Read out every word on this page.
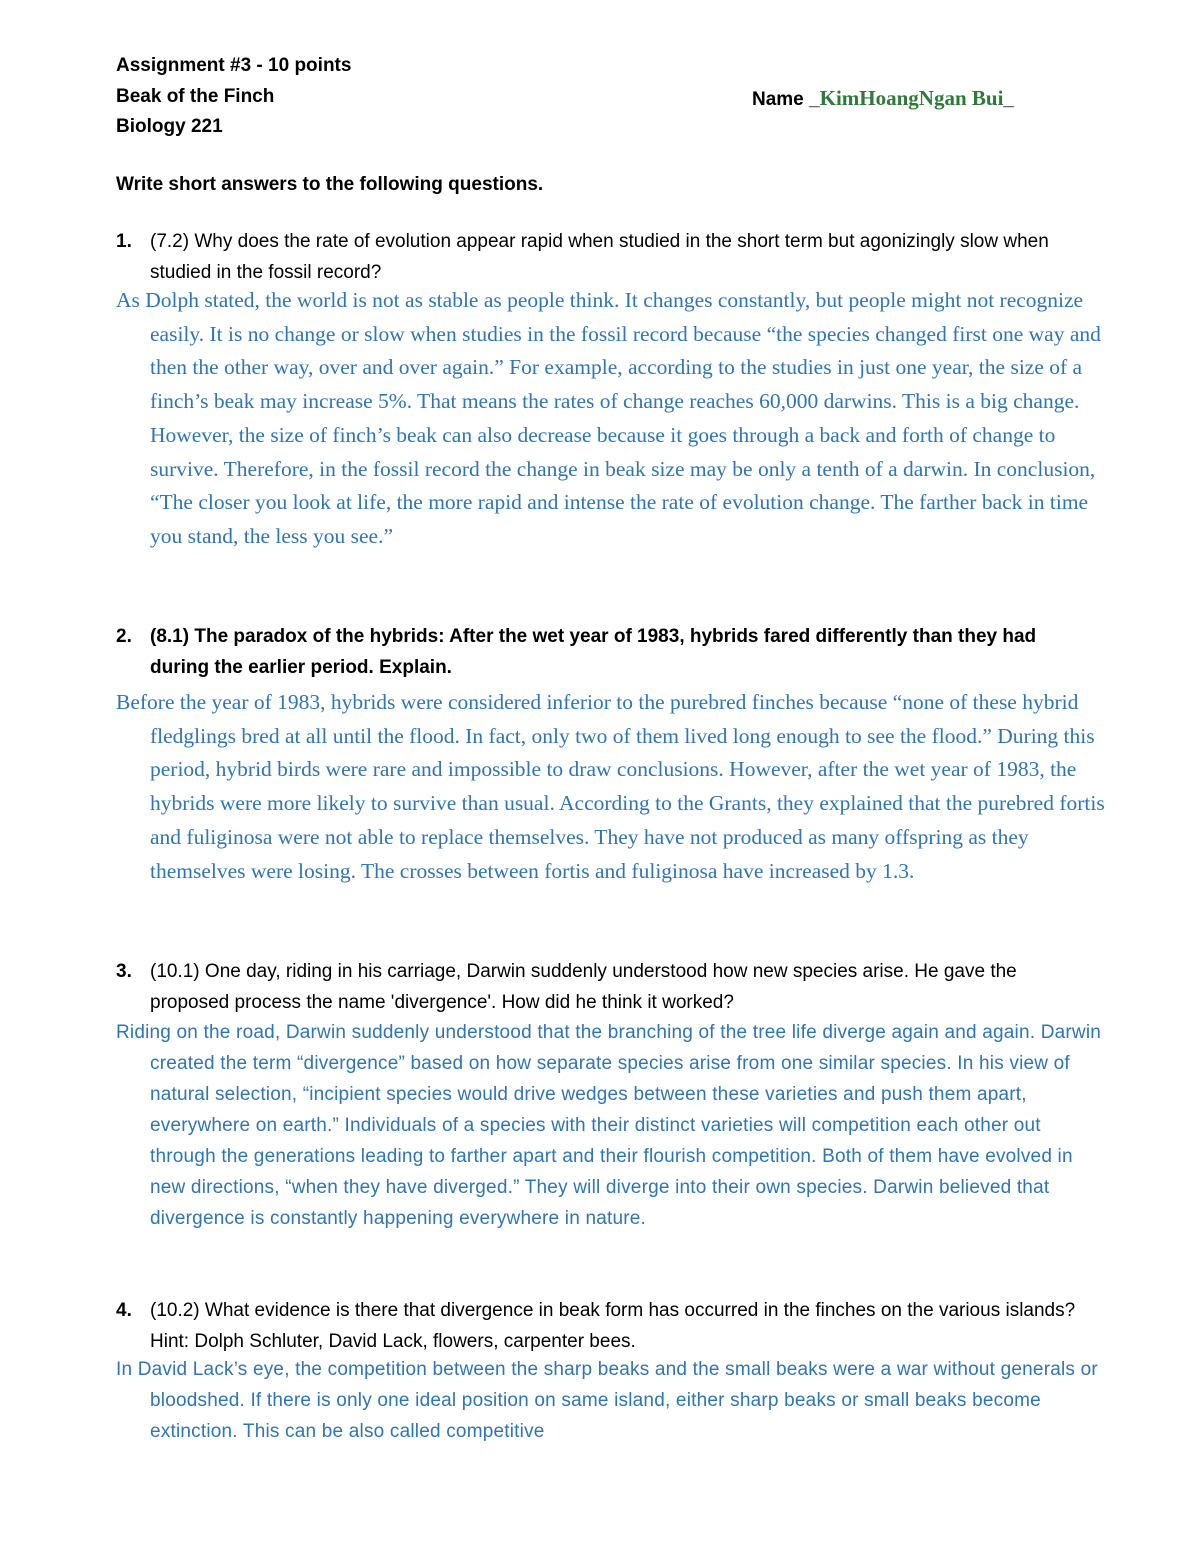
Assignment #3 - 10 points
Beak of the Finch
Biology 221
Name _KimHoangNgan Bui_
Write short answers to the following questions.
1. (7.2) Why does the rate of evolution appear rapid when studied in the short term but agonizingly slow when studied in the fossil record?
As Dolph stated, the world is not as stable as people think. It changes constantly, but people might not recognize easily. It is no change or slow when studies in the fossil record because “the species changed first one way and then the other way, over and over again.” For example, according to the studies in just one year, the size of a finch’s beak may increase 5%. That means the rates of change reaches 60,000 darwins. This is a big change. However, the size of finch’s beak can also decrease because it goes through a back and forth of change to survive. Therefore, in the fossil record the change in beak size may be only a tenth of a darwin. In conclusion, “The closer you look at life, the more rapid and intense the rate of evolution change. The farther back in time you stand, the less you see.”
2. (8.1) The paradox of the hybrids: After the wet year of 1983, hybrids fared differently than they had during the earlier period. Explain.
Before the year of 1983, hybrids were considered inferior to the purebred finches because “none of these hybrid fledglings bred at all until the flood. In fact, only two of them lived long enough to see the flood.” During this period, hybrid birds were rare and impossible to draw conclusions. However, after the wet year of 1983, the hybrids were more likely to survive than usual. According to the Grants, they explained that the purebred fortis and fuliginosa were not able to replace themselves. They have not produced as many offspring as they themselves were losing. The crosses between fortis and fuliginosa have increased by 1.3.
3. (10.1) One day, riding in his carriage, Darwin suddenly understood how new species arise. He gave the proposed process the name 'divergence'. How did he think it worked?
Riding on the road, Darwin suddenly understood that the branching of the tree life diverge again and again. Darwin created the term “divergence” based on how separate species arise from one similar species. In his view of natural selection, “incipient species would drive wedges between these varieties and push them apart, everywhere on earth.” Individuals of a species with their distinct varieties will competition each other out through the generations leading to farther apart and their flourish competition. Both of them have evolved in new directions, “when they have diverged.” They will diverge into their own species. Darwin believed that divergence is constantly happening everywhere in nature.
4. (10.2) What evidence is there that divergence in beak form has occurred in the finches on the various islands? Hint: Dolph Schluter, David Lack, flowers, carpenter bees.
In David Lack’s eye, the competition between the sharp beaks and the small beaks were a war without generals or bloodshed. If there is only one ideal position on same island, either sharp beaks or small beaks become extinction. This can be also called competitive
